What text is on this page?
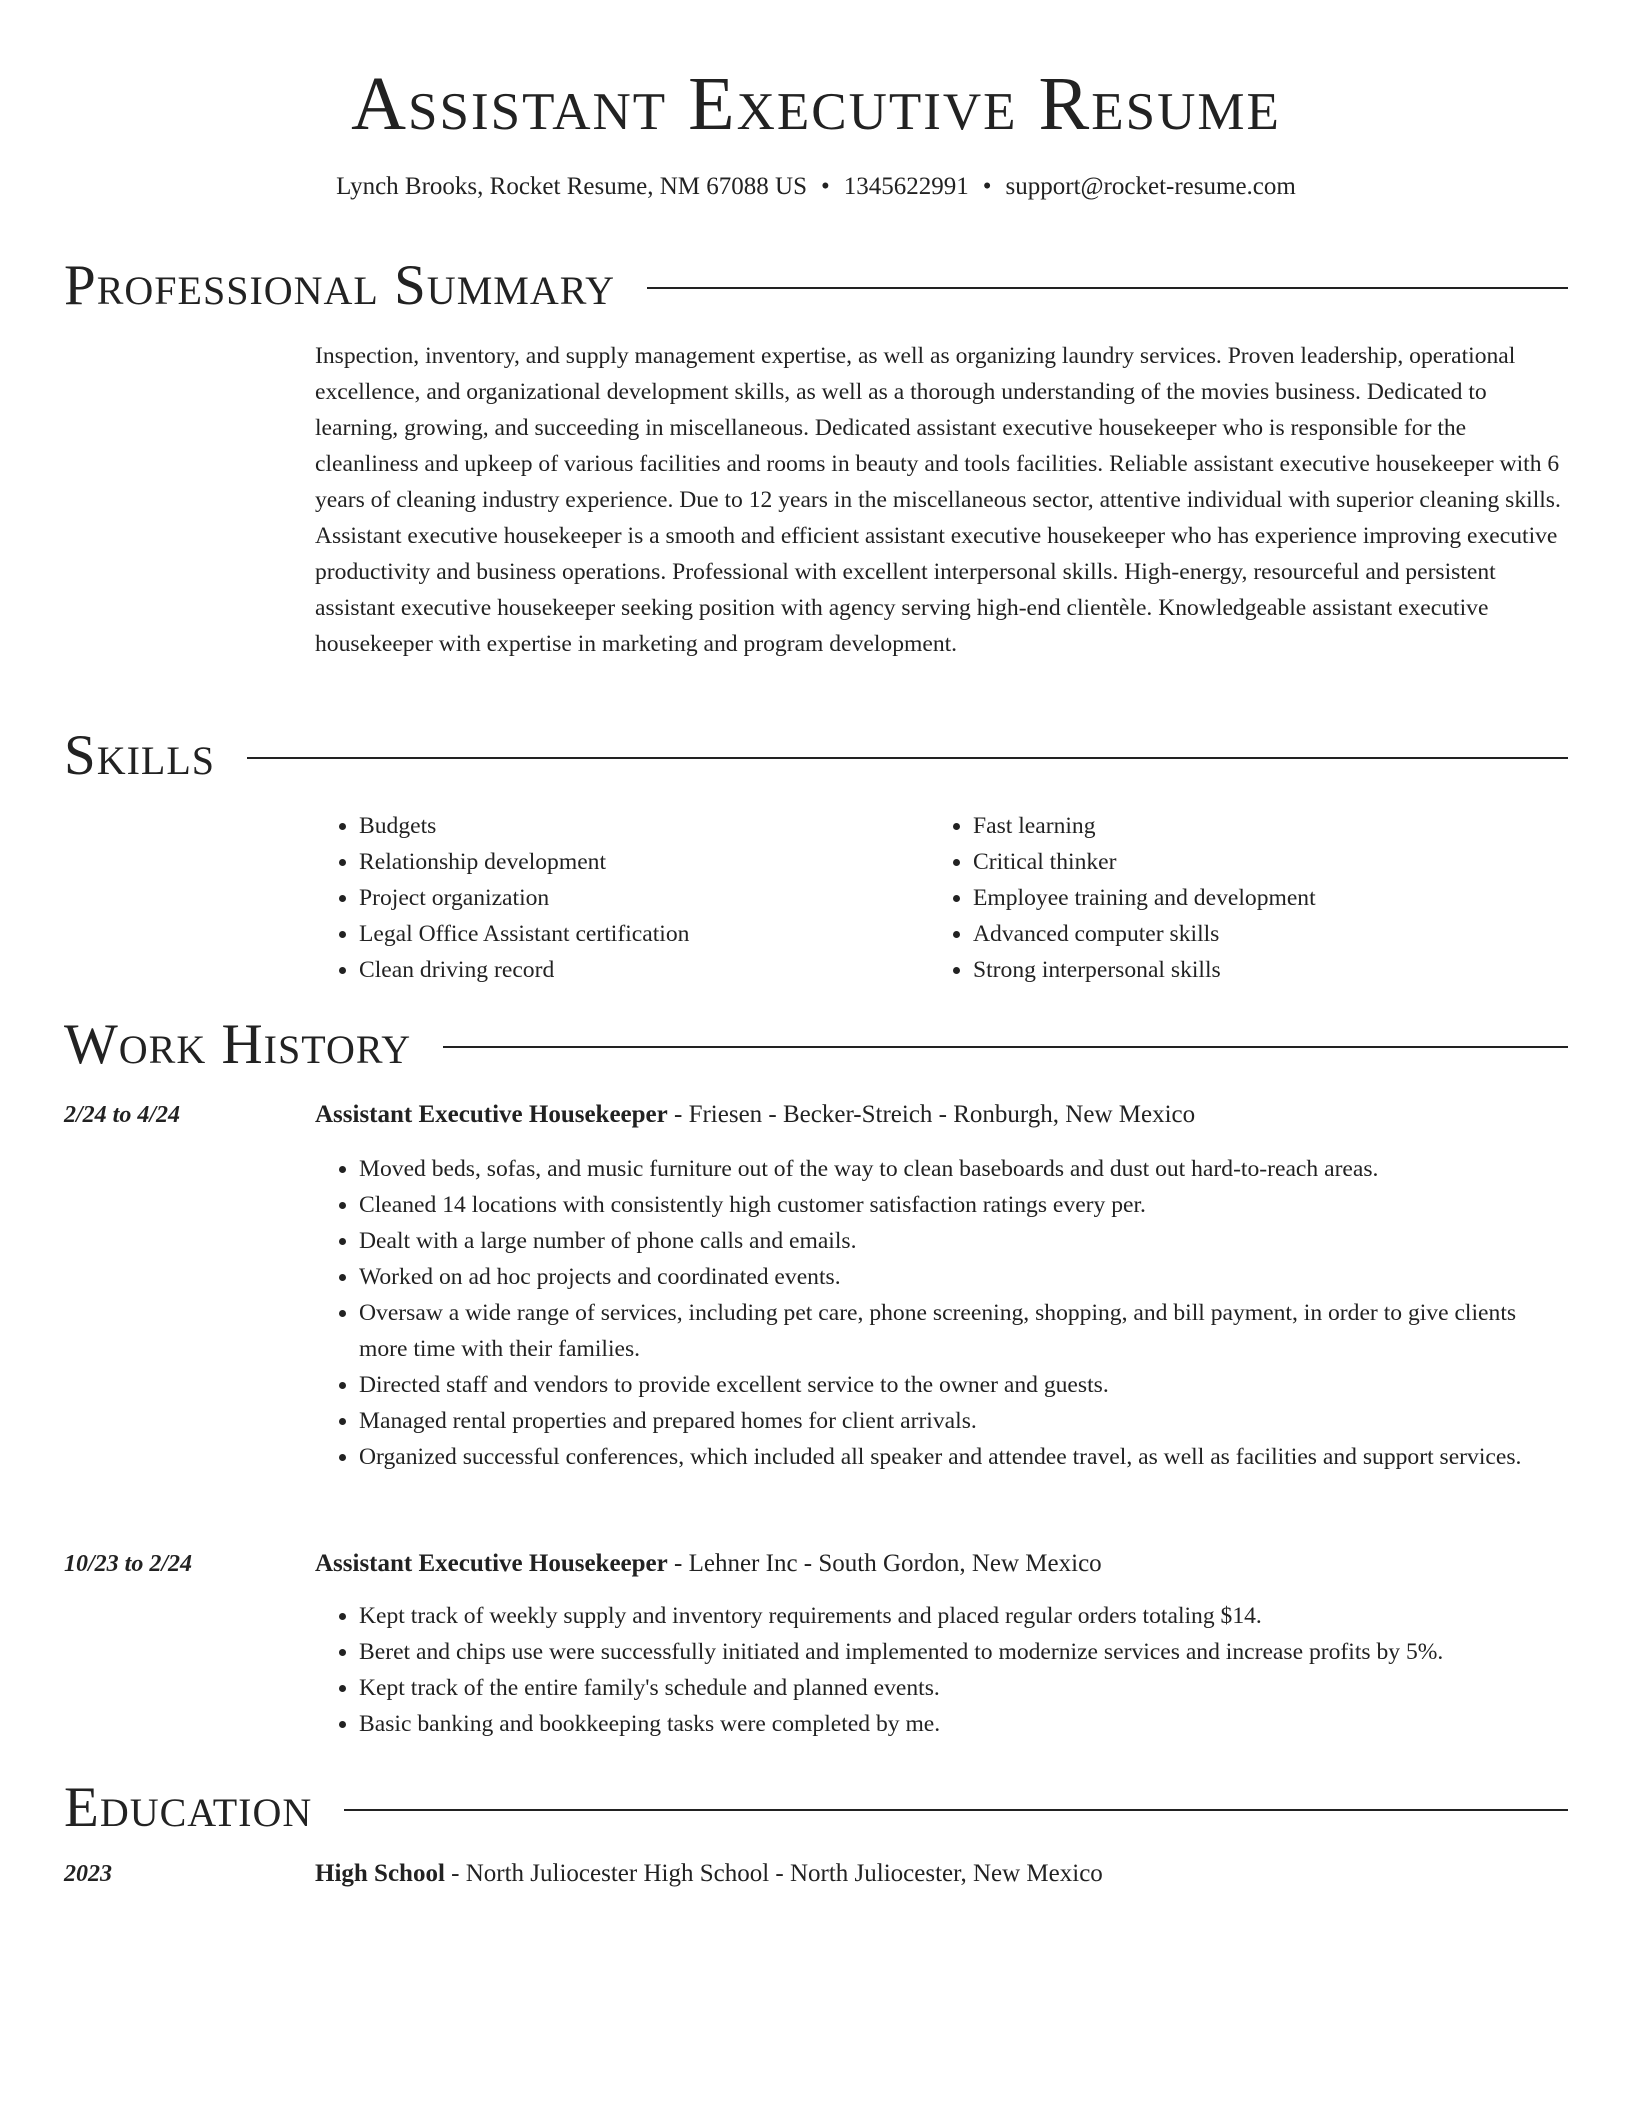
Assistant Executive Resume
Lynch Brooks, Rocket Resume, NM 67088 US • 1345622991 • support@rocket-resume.com
Professional Summary

Inspection, inventory, and supply management expertise, as well as organizing laundry services. Proven leadership, operational excellence, and organizational development skills, as well as a thorough understanding of the movies business. Dedicated to learning, growing, and succeeding in miscellaneous. Dedicated assistant executive housekeeper who is responsible for the cleanliness and upkeep of various facilities and rooms in beauty and tools facilities. Reliable assistant executive housekeeper with 6 years of cleaning industry experience. Due to 12 years in the miscellaneous sector, attentive individual with superior cleaning skills. Assistant executive housekeeper is a smooth and efficient assistant executive housekeeper who has experience improving executive productivity and business operations. Professional with excellent interpersonal skills. High-energy, resourceful and persistent assistant executive housekeeper seeking position with agency serving high-end clientèle. Knowledgeable assistant executive housekeeper with expertise in marketing and program development.

Skills
• Budgets
• Relationship development
• Project organization
• Legal Office Assistant certification
• Clean driving record
• Fast learning
• Critical thinker
• Employee training and development
• Advanced computer skills
• Strong interpersonal skills
Work History
2/24 to 4/24	Assistant Executive Housekeeper - Friesen - Becker-Streich - Ronburgh, New Mexico
• Moved beds, sofas, and music furniture out of the way to clean baseboards and dust out hard-to-reach areas.
• Cleaned 14 locations with consistently high customer satisfaction ratings every per.
• Dealt with a large number of phone calls and emails.
• Worked on ad hoc projects and coordinated events.
• Oversaw a wide range of services, including pet care, phone screening, shopping, and bill payment, in order to give clients more time with their families.
• Directed staff and vendors to provide excellent service to the owner and guests.
• Managed rental properties and prepared homes for client arrivals.
• Organized successful conferences, which included all speaker and attendee travel, as well as facilities and support services.
10/23 to 2/24	Assistant Executive Housekeeper - Lehner Inc - South Gordon, New Mexico
• Kept track of weekly supply and inventory requirements and placed regular orders totaling $14.
• Beret and chips use were successfully initiated and implemented to modernize services and increase profits by 5%.
• Kept track of the entire family's schedule and planned events.
• Basic banking and bookkeeping tasks were completed by me.
Education
2023	High School - North Juliocester High School - North Juliocester, New Mexico
